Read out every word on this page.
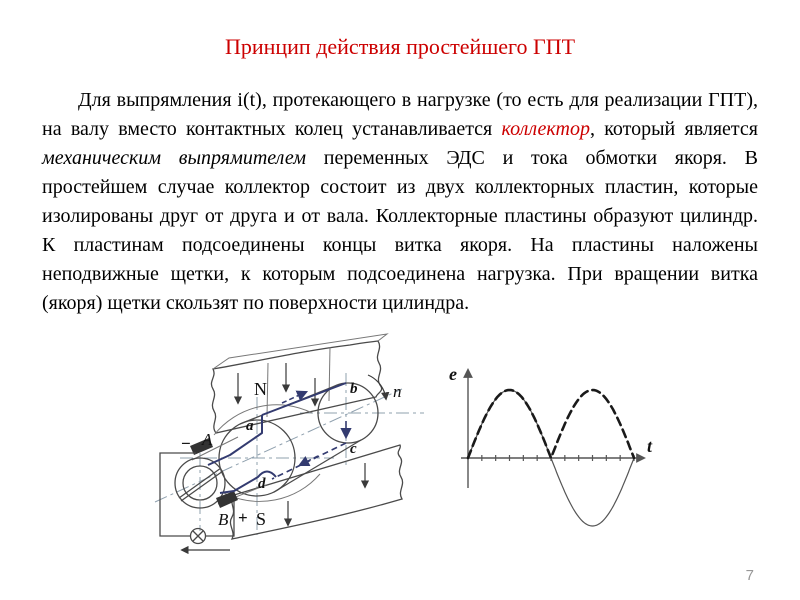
Принцип действия простейшего ГПТ
Для выпрямления i(t), протекающего в нагрузке (то есть для реализации ГПТ), на валу вместо контактных колец устанавливается коллектор, который является механическим выпрямителем переменных ЭДС и тока обмотки якоря. В простейшем случае коллектор состоит из двух коллекторных пластин, которые изолированы друг от друга и от вала. Коллекторные пластины образуют цилиндр. К пластинам подсоединены концы витка якоря. На пластины наложены неподвижные щетки, к которым подсоединена нагрузка. При вращении витка (якоря) щетки скользят по поверхности цилиндра.
N
S
A
B
−
+
a
b
c
d
n
e
t
7
